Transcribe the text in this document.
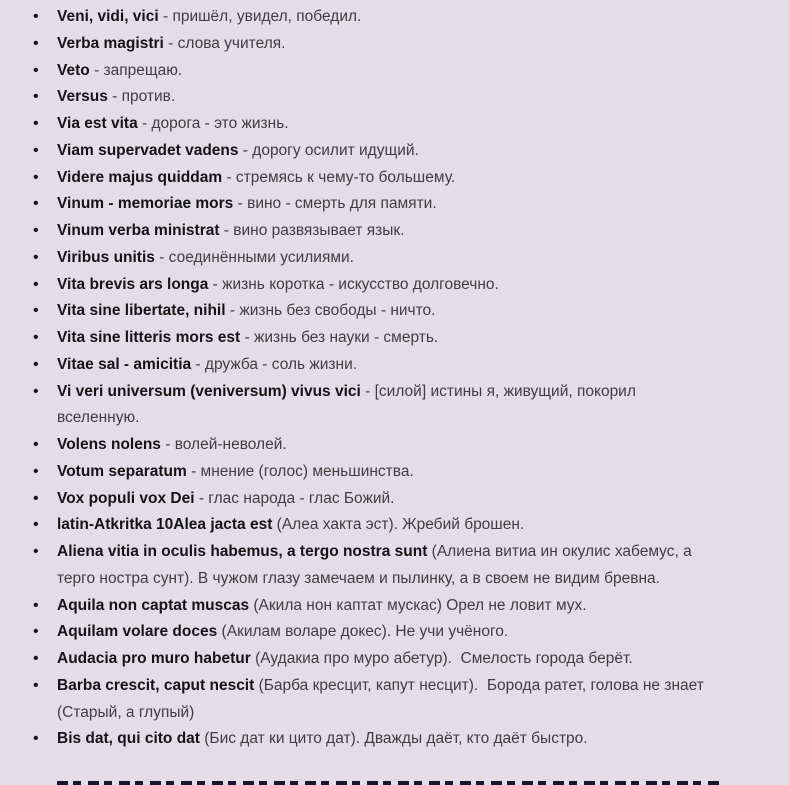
•	Veni, vidi, vici - пришёл, увидел, победил.
•	Verba magistri - слова учителя.
•	Veto - запрещаю.
•	Versus - против.
•	Via est vita - дорога - это жизнь.
•	Viam supervadet vadens - дорогу осилит идущий.
•	Videre majus quiddam - стремясь к чему-то большему.
•	Vinum - memoriae mors - вино - смерть для памяти.
•	Vinum verba ministrat - вино развязывает язык.
•	Viribus unitis - соединёнными усилиями.
•	Vita brevis ars longa - жизнь коротка - искусство долговечно.
•	Vita sine libertate, nihil - жизнь без свободы - ничто.
•	Vita sine litteris mors est - жизнь без науки - смерть.
•	Vitae sal - amicitia - дружба - соль жизни.
•	Vi veri universum (veniversum) vivus vici - [силой] истины я, живущий, покорил вселенную.
•	Volens nolens - волей-неволей.
•	Votum separatum - мнение (голос) меньшинства.
•	Vox populi vox Dei - глас народа - глас Божий.
•	latin-Atkritka 10Alea jacta est (Алеа хакта эст). Жребий брошен.
•	Aliena vitia in oculis habemus, a tergo nostra sunt (Алиена витиа ин окулис хабемус, а терго ностра сунт). В чужом глазу замечаем и пылинку, а в своем не видим бревна.
•	Aquila non captat muscas (Акила нон каптат мускас) Орел не ловит мух.
•	Aquilam volare doces (Акилам воларе докес). Не учи учёного.
•	Audacia pro muro habetur (Аудакиа про муро абетур).  Смелость города берёт.
•	Barba crescit, caput nescit (Барба кресцит, капут несцит).  Борода ратет, голова не знает (Старый, а глупый)
•	Bis dat, qui cito dat (Бис дат ки цито дат). Дважды даёт, кто даёт быстро.
